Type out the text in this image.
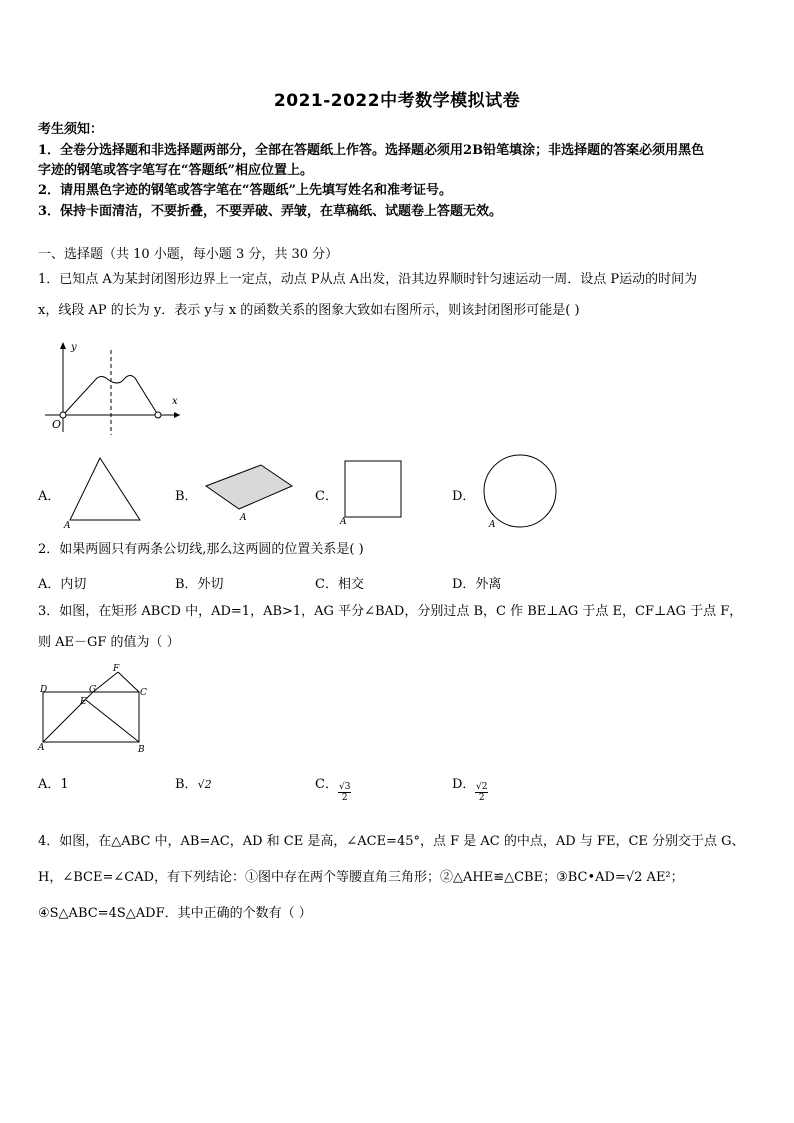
2021-2022中考数学模拟试卷
考生须知：
1．全卷分选择题和非选择题两部分，全部在答题纸上作答。选择题必须用2B铅笔填涂；非选择题的答案必须用黑色
字迹的钢笔或答字笔写在“答题纸”相应位置上。
2．请用黑色字迹的钢笔或答字笔在“答题纸”上先填写姓名和准考证号。
3．保持卡面清洁，不要折叠，不要弄破、弄皱，在草稿纸、试题卷上答题无效。
一、选择题（共 10 小题，每小题 3 分，共 30 分）
1．已知点 A为某封闭图形边界上一定点，动点 P从点 A出发，沿其边界顺时针匀速运动一周．设点 P运动的时间为
x，线段 AP 的长为 y．表示 y与 x 的函数关系的图象大致如右图所示，则该封闭图形可能是( )
y
x
O
A．
A
B．
A
C．
A
D．
A
2．如果两圆只有两条公切线,那么这两圆的位置关系是( )
A．内切	B．外切	C．相交	D．外离
3．如图，在矩形 ABCD 中，AD=1，AB>1，AG 平分∠BAD，分别过点 B，C 作 BE⊥AG 于点 E，CF⊥AG 于点 F，
则 AE－GF 的值为（ ）
D	G
F
C
E
A	B
A．1	B．√2	C． $\frac{√3}{2}$	D． $\frac{√2}{2}$
4．如图，在△ABC 中，AB=AC，AD 和 CE 是高，∠ACE=45°，点 F 是 AC 的中点，AD 与 FE，CE 分别交于点 G、
H，∠BCE=∠CAD，有下列结论：①图中存在两个等腰直角三角形；②△AHE≌△CBE；③BC•AD=√2 AE²；
④S△ABC=4S△ADF．其中正确的个数有（ ）
